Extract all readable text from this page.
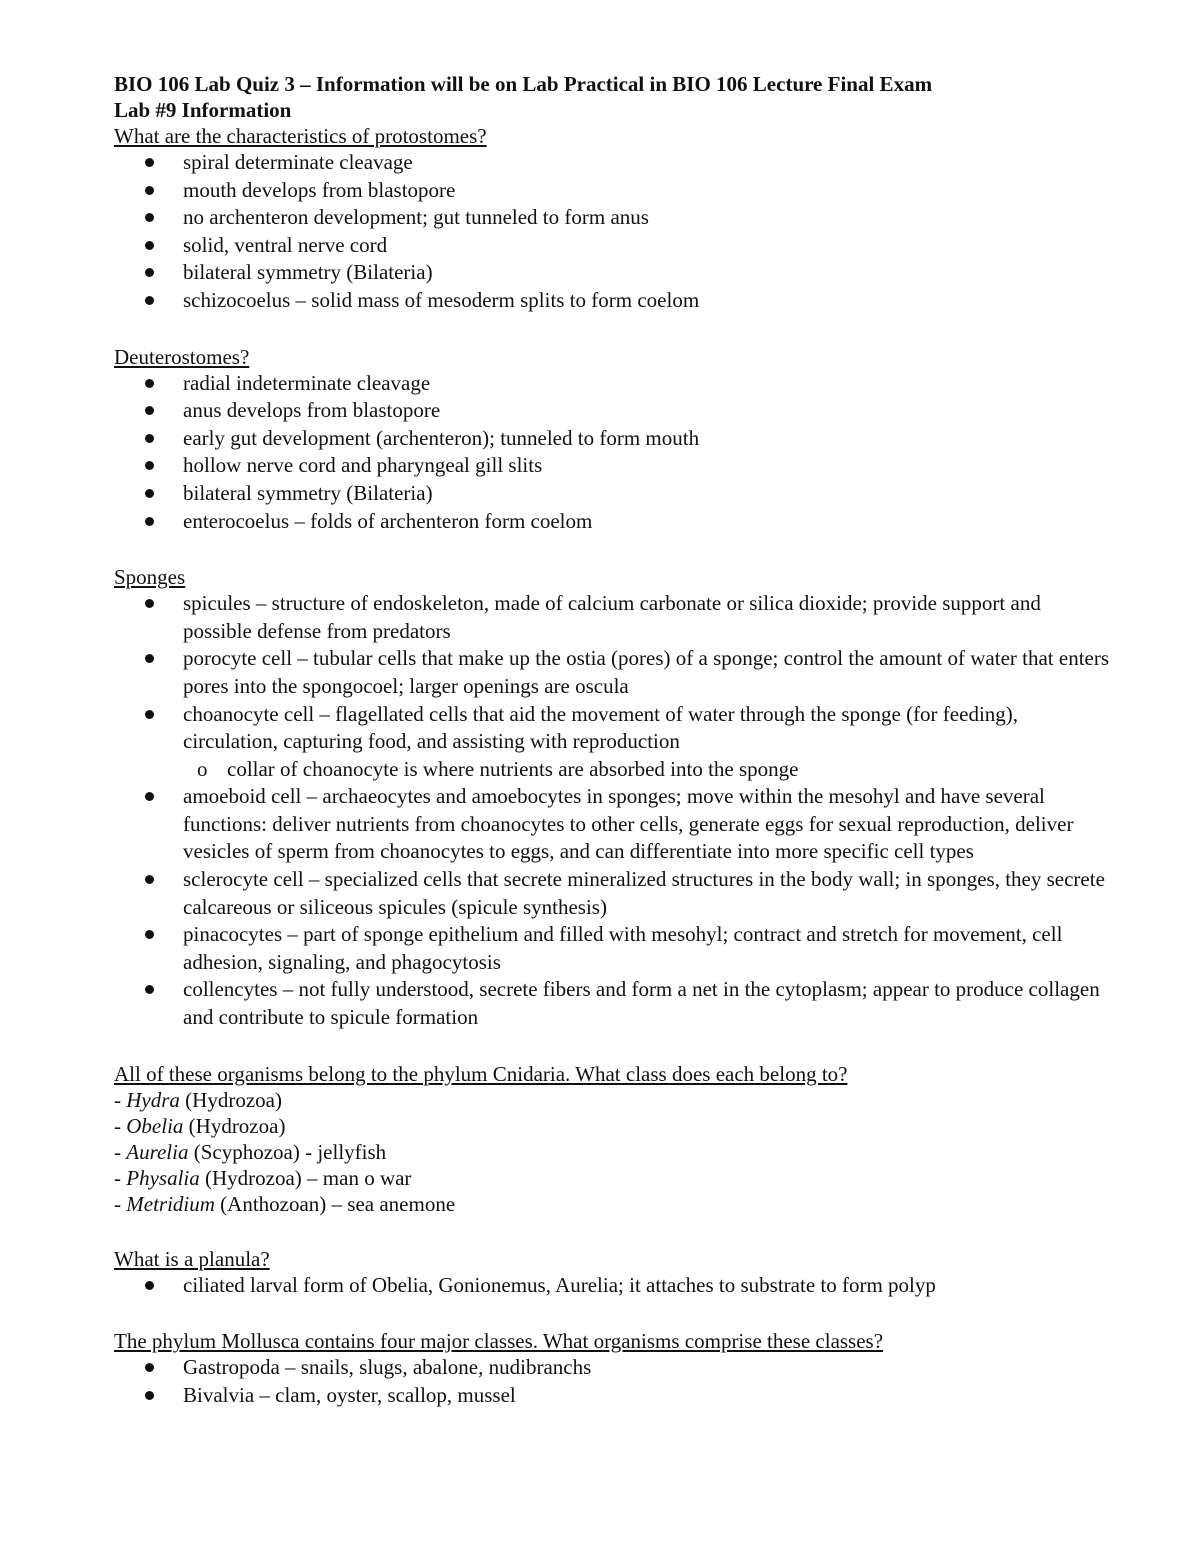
BIO 106 Lab Quiz 3 – Information will be on Lab Practical in BIO 106 Lecture Final Exam
Lab #9 Information
What are the characteristics of protostomes?
spiral determinate cleavage
mouth develops from blastopore
no archenteron development; gut tunneled to form anus
solid, ventral nerve cord
bilateral symmetry (Bilateria)
schizocoelus – solid mass of mesoderm splits to form coelom
Deuterostomes?
radial indeterminate cleavage
anus develops from blastopore
early gut development (archenteron); tunneled to form mouth
hollow nerve cord and pharyngeal gill slits
bilateral symmetry (Bilateria)
enterocoelus – folds of archenteron form coelom
Sponges
spicules – structure of endoskeleton, made of calcium carbonate or silica dioxide; provide support and possible defense from predators
porocyte cell – tubular cells that make up the ostia (pores) of a sponge; control the amount of water that enters pores into the spongocoel; larger openings are oscula
choanocyte cell – flagellated cells that aid the movement of water through the sponge (for feeding), circulation, capturing food, and assisting with reproduction
o collar of choanocyte is where nutrients are absorbed into the sponge
amoeboid cell – archaeocytes and amoebocytes in sponges; move within the mesohyl and have several functions: deliver nutrients from choanocytes to other cells, generate eggs for sexual reproduction, deliver vesicles of sperm from choanocytes to eggs, and can differentiate into more specific cell types
sclerocyte cell – specialized cells that secrete mineralized structures in the body wall; in sponges, they secrete calcareous or siliceous spicules (spicule synthesis)
pinacocytes – part of sponge epithelium and filled with mesohyl; contract and stretch for movement, cell adhesion, signaling, and phagocytosis
collencytes – not fully understood, secrete fibers and form a net in the cytoplasm; appear to produce collagen and contribute to spicule formation
All of these organisms belong to the phylum Cnidaria. What class does each belong to?
- Hydra (Hydrozoa)
- Obelia (Hydrozoa)
- Aurelia (Scyphozoa) - jellyfish
- Physalia (Hydrozoa) – man o war
- Metridium (Anthozoan) – sea anemone
What is a planula?
ciliated larval form of Obelia, Gonionemus, Aurelia; it attaches to substrate to form polyp
The phylum Mollusca contains four major classes. What organisms comprise these classes?
Gastropoda – snails, slugs, abalone, nudibranchs
Bivalvia – clam, oyster, scallop, mussel
